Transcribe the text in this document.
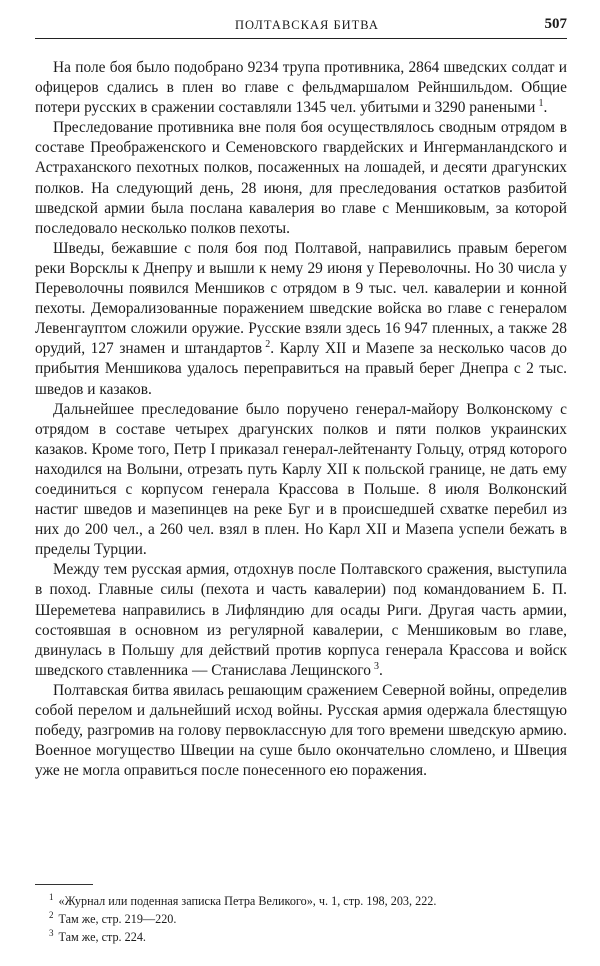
ПОЛТАВСКАЯ БИТВА	507

На поле боя было подобрано 9234 трупа противника, 2864 шведских солдат и офицеров сдались в плен во главе с фельдмаршалом Рейншильдом. Общие потери русских в сражении составляли 1345 чел. убитыми и 3290 ранеными  $^1$.

Преследование противника вне поля боя осуществлялось сводным отрядом в составе Преображенского и Семеновского гвардейских и Ингерманландского и Астраханского пехотных полков, посаженных на лошадей, и десяти драгунских полков. На следующий день, 28 июня, для преследования остатков разбитой шведской армии была послана кавалерия во главе с Меншиковым, за которой последовало несколько полков пехоты.

Шведы, бежавшие с поля боя под Полтавой, направились правым берегом реки Ворсклы к Днепру и вышли к нему 29 июня у Переволочны. Но 30 числа у Переволочны появился Меншиков с отрядом в 9 тыс. чел. кавалерии и конной пехоты. Деморализованные поражением шведские войска во главе с генералом Левенгауптом сложили оружие. Русские взяли здесь 16 947 пленных, а также 28 орудий, 127 знамен и штандартов  $^2$. Карлу XII и Мазепе за несколько часов до прибытия Меншикова удалось переправиться на правый берег Днепра с 2 тыс. шведов и казаков.

Дальнейшее преследование было поручено генерал-майору Волконскому с отрядом в составе четырех драгунских полков и пяти полков украинских казаков. Кроме того, Петр I приказал генерал-лейтенанту Гольцу, отряд которого находился на Волыни, отрезать путь Карлу XII к польской границе, не дать ему соединиться с корпусом генерала Крассова в Польше. 8 июля Волконский настиг шведов и мазепинцев на реке Буг и в происшедшей схватке перебил из них до 200 чел., а 260 чел. взял в плен. Но Карл XII и Мазепа успели бежать в пределы Турции.

Между тем русская армия, отдохнув после Полтавского сражения, выступила в поход. Главные силы (пехота и часть кавалерии) под командованием Б. П. Шереметева направились в Лифляндию для осады Риги. Другая часть армии, состоявшая в основном из регулярной кавалерии, с Меншиковым во главе, двинулась в Польшу для действий против корпуса генерала Крассова и войск шведского ставленника — Станислава Лещинского  $^3$.

Полтавская битва явилась решающим сражением Северной войны, определив собой перелом и дальнейший исход войны. Русская армия одержала блестящую победу, разгромив на голову первоклассную для того времени шведскую армию. Военное могущество Швеции на суше было окончательно сломлено, и Швеция уже не могла оправиться после понесенного ею поражения.

$^1$ «Журнал или поденная записка Петра Великого», ч. 1, стр. 198, 203, 222.
$^2$ Там же, стр. 219—220.
$^3$ Там же, стр. 224.
